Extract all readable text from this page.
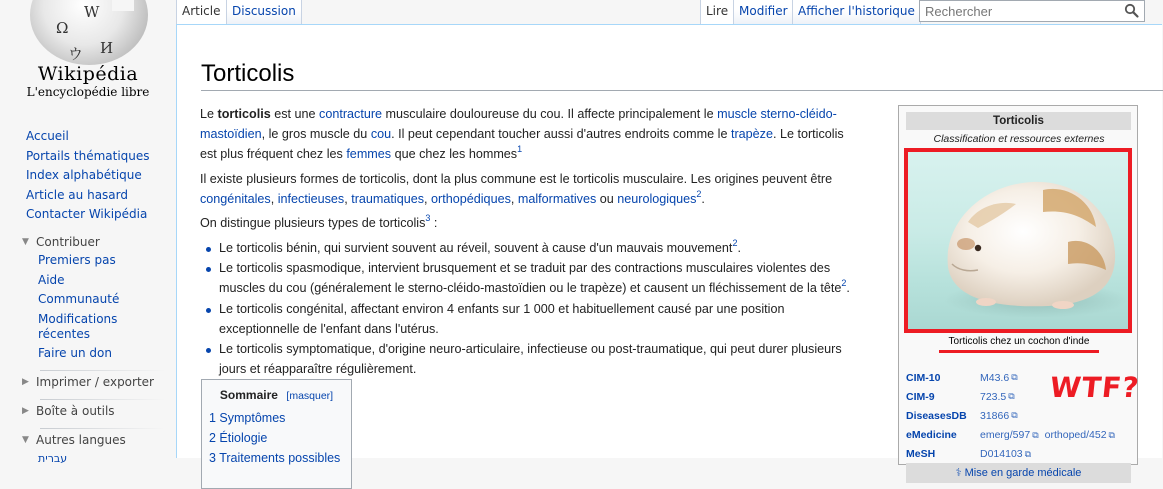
Ω
W
ウ И
Wikipédia
L'encyclopédie libre
Accueil
Portails thématiques
Index alphabétique
Article au hasard
Contacter Wikipédia
▼ Contribuer
Premiers pas
Aide
Communauté
Modifications récentes
Faire un don
▶ Imprimer / exporter
▶ Boîte à outils
▼ Autres langues
עברית
Article Discussion	Lire Modifier Afficher l'historique
Rechercher
Torticolis

Le torticolis est une contracture musculaire douloureuse du cou. Il affecte principalement le muscle sterno-cléido-mastoïdien, le gros muscle du cou. Il peut cependant toucher aussi d'autres endroits comme le trapèze. Le torticolis est plus fréquent chez les femmes que chez les hommes$^1$

Il existe plusieurs formes de torticolis, dont la plus commune est le torticolis musculaire. Les origines peuvent être congénitales, infectieuses, traumatiques, orthopédiques, malformatives ou neurologiques$^2$.

On distingue plusieurs types de torticolis$^3$ :

Le torticolis bénin, qui survient souvent au réveil, souvent à cause d'un mauvais mouvement$^2$.
Le torticolis spasmodique, intervient brusquement et se traduit par des contractions musculaires violentes des muscles du cou (généralement le sterno-cléido-mastoïdien ou le trapèze) et causent un fléchissement de la tête$^2$.
Le torticolis congénital, affectant environ 4 enfants sur 1 000 et habituellement causé par une position exceptionnelle de l'enfant dans l'utérus.
Le torticolis symptomatique, d'origine neuro-articulaire, infectieuse ou post-traumatique, qui peut durer plusieurs jours et réapparaître régulièrement.
Sommaire [masquer]
1 Symptômes
2 Étiologie
3 Traitements possibles
Torticolis
Classification et ressources externes
Torticolis chez un cochon d'inde
CIM-10	M43.6 ⧉
CIM-9	723.5 ⧉
DiseasesDB	31866 ⧉
eMedicine	emerg/597 ⧉ orthoped/452 ⧉
MeSH	D014103 ⧉
WTF?
⚕ Mise en garde médicale
